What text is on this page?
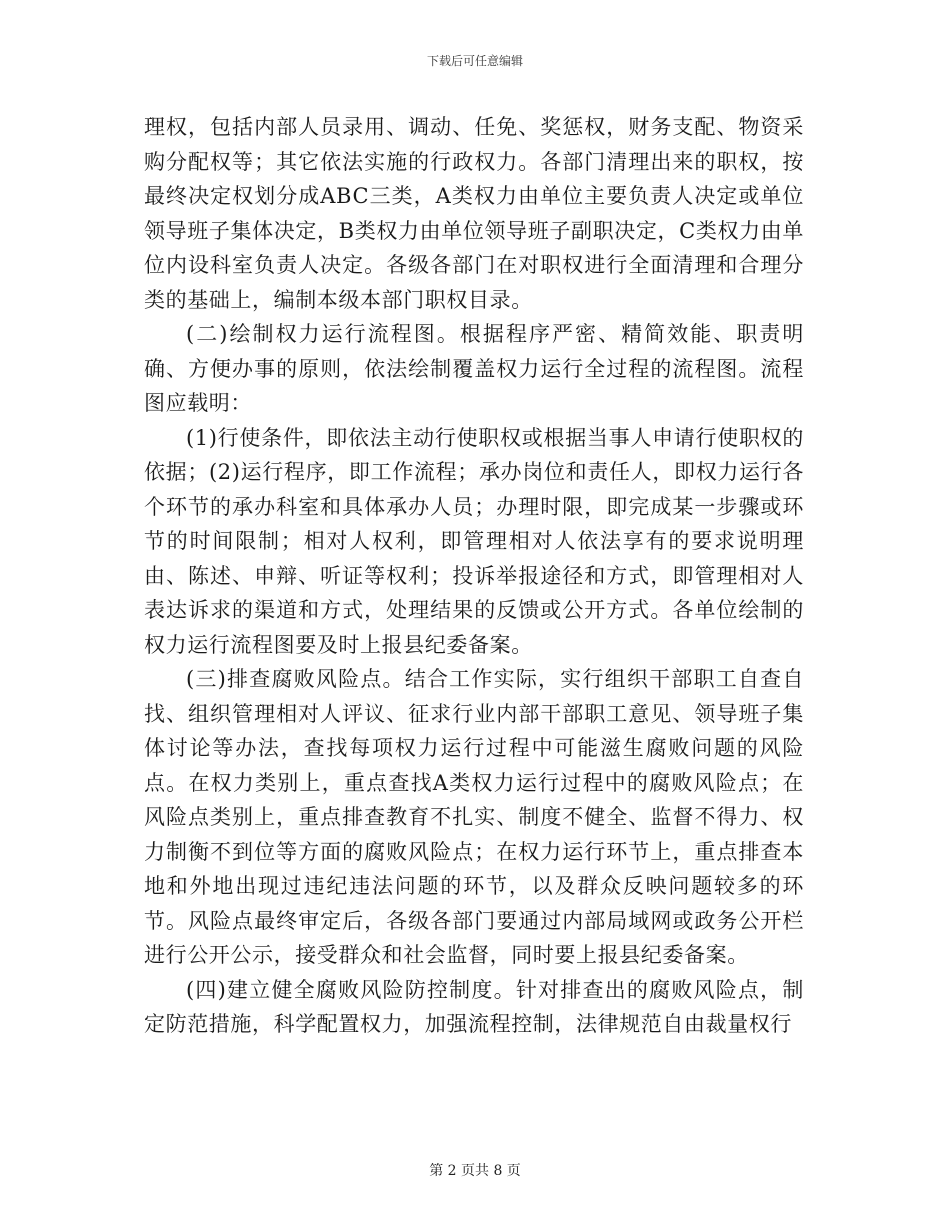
下载后可任意编辑

理权，包括内部人员录用、调动、任免、奖惩权，财务支配、物资采购分配权等；其它依法实施的行政权力。各部门清理出来的职权，按最终决定权划分成ABC三类，A类权力由单位主要负责人决定或单位领导班子集体决定，B类权力由单位领导班子副职决定，C类权力由单位内设科室负责人决定。各级各部门在对职权进行全面清理和合理分类的基础上，编制本级本部门职权目录。

(二)绘制权力运行流程图。根据程序严密、精简效能、职责明确、方便办事的原则，依法绘制覆盖权力运行全过程的流程图。流程图应载明：

(1)行使条件，即依法主动行使职权或根据当事人申请行使职权的依据；(2)运行程序，即工作流程；承办岗位和责任人，即权力运行各个环节的承办科室和具体承办人员；办理时限，即完成某一步骤或环节的时间限制；相对人权利，即管理相对人依法享有的要求说明理由、陈述、申辩、听证等权利；投诉举报途径和方式，即管理相对人表达诉求的渠道和方式，处理结果的反馈或公开方式。各单位绘制的权力运行流程图要及时上报县纪委备案。

(三)排查腐败风险点。结合工作实际，实行组织干部职工自查自找、组织管理相对人评议、征求行业内部干部职工意见、领导班子集体讨论等办法，查找每项权力运行过程中可能滋生腐败问题的风险点。在权力类别上，重点查找A类权力运行过程中的腐败风险点；在风险点类别上，重点排查教育不扎实、制度不健全、监督不得力、权力制衡不到位等方面的腐败风险点；在权力运行环节上，重点排查本地和外地出现过违纪违法问题的环节，以及群众反映问题较多的环节。风险点最终审定后，各级各部门要通过内部局域网或政务公开栏进行公开公示，接受群众和社会监督，同时要上报县纪委备案。

(四)建立健全腐败风险防控制度。针对排查出的腐败风险点，制定防范措施，科学配置权力，加强流程控制，法律规范自由裁量权行

第 2 页共 8 页
